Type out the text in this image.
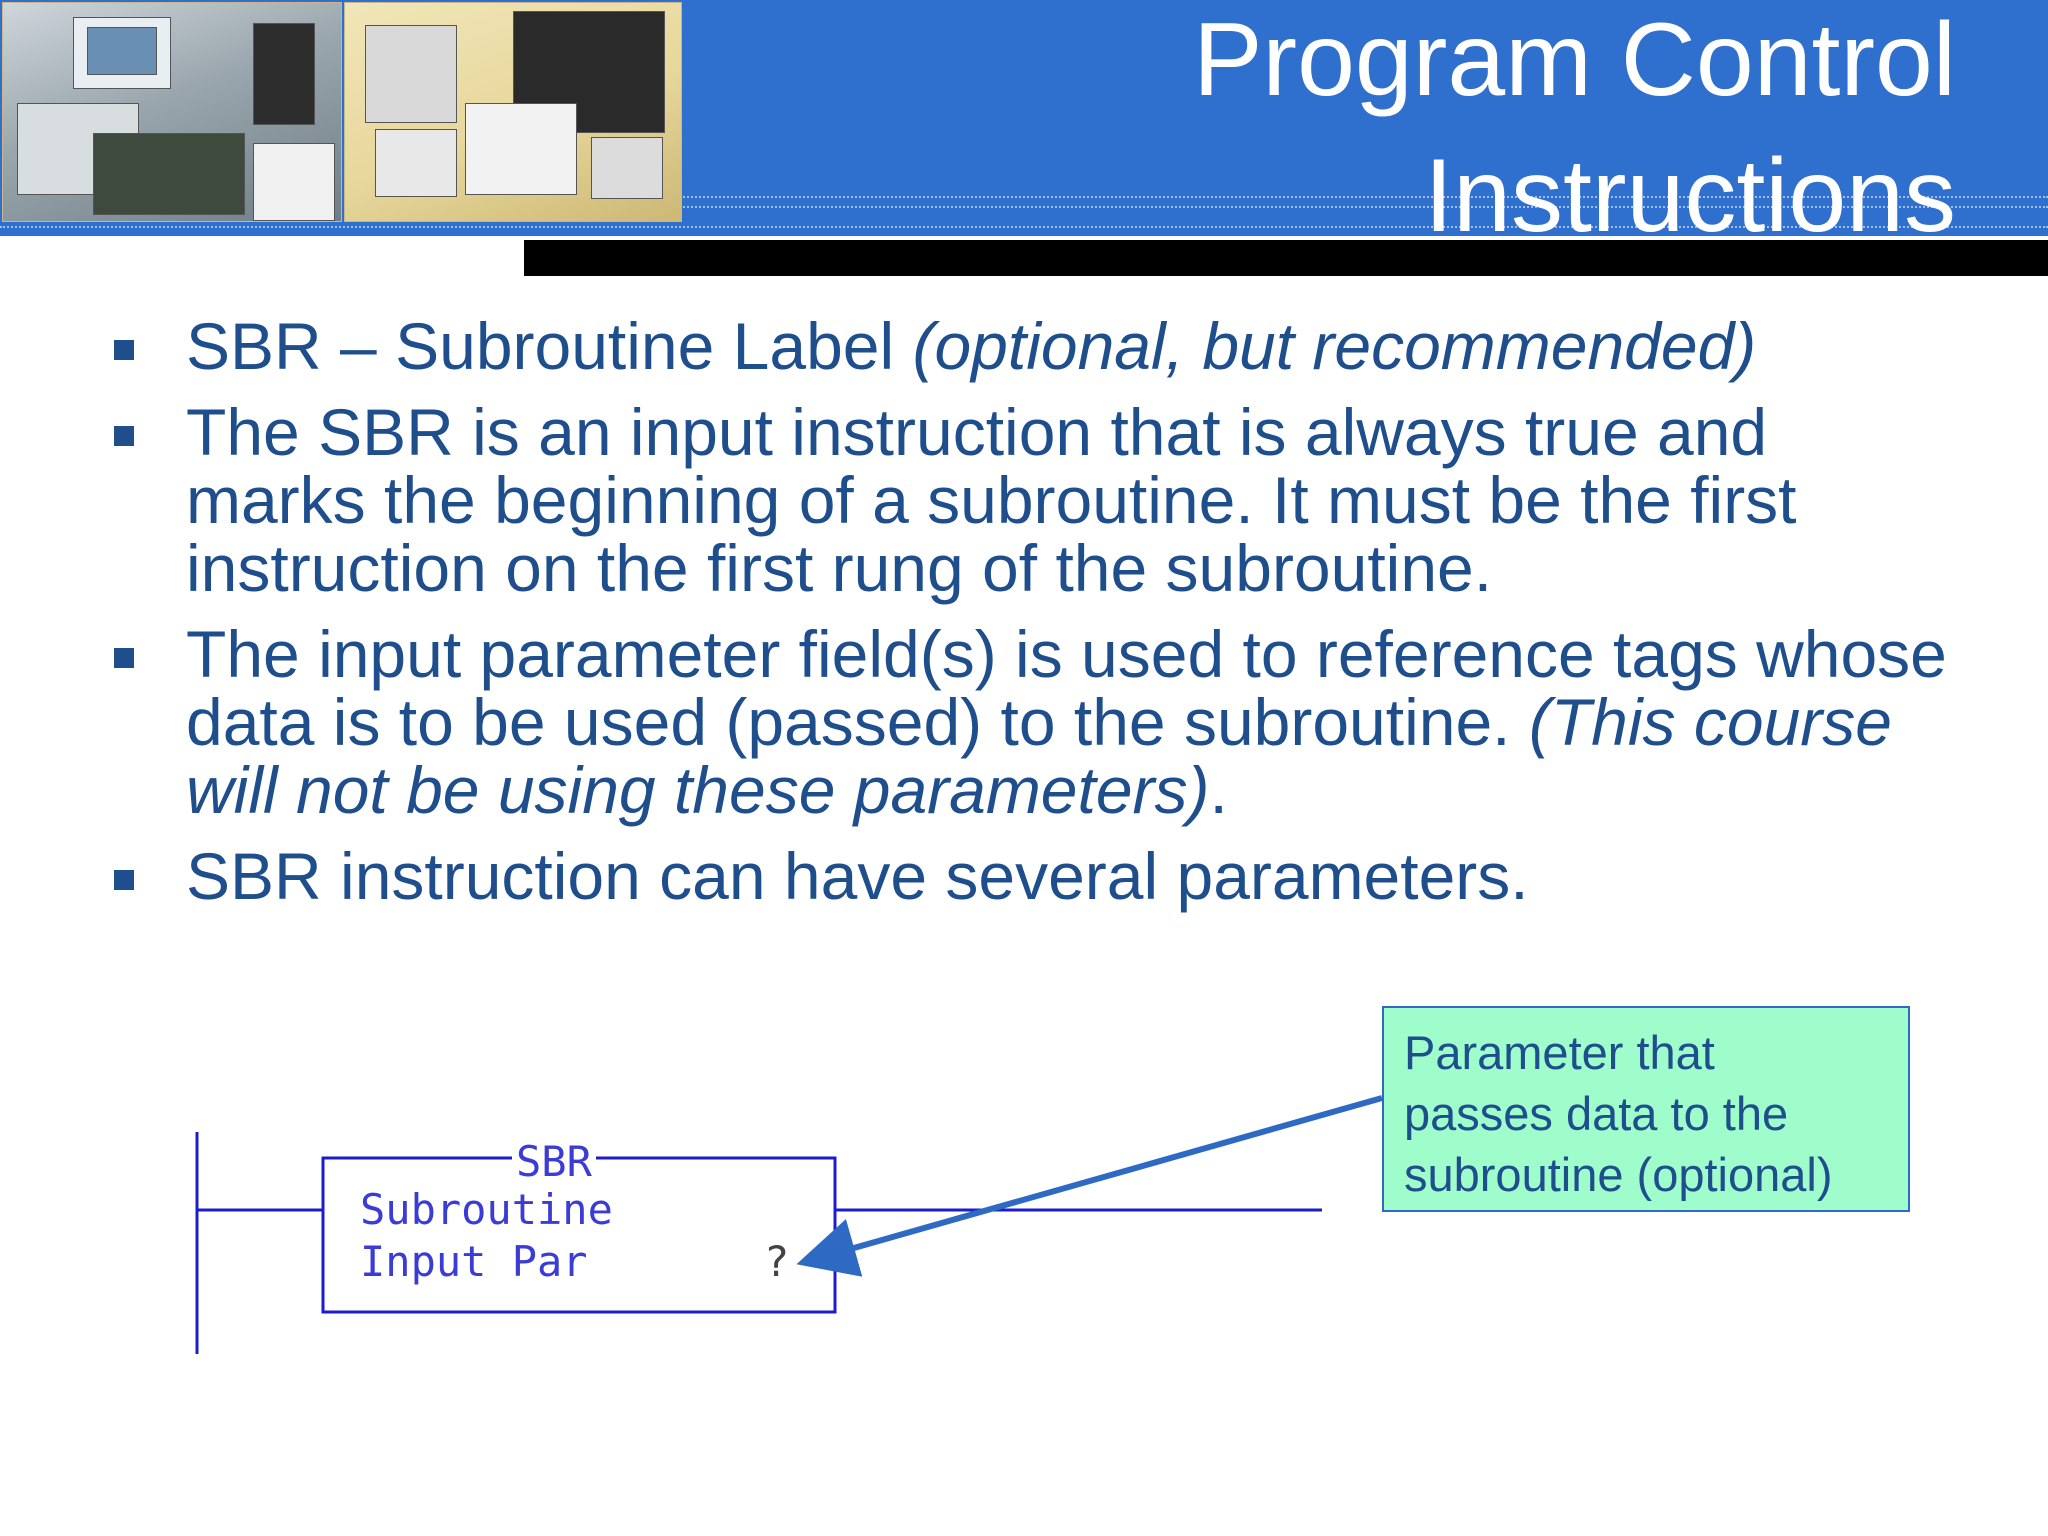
Program Control
Instructions
SBR – Subroutine Label (optional, but recommended)
The SBR is an input instruction that is always true and marks the beginning of a subroutine. It must be the first instruction on the first rung of the subroutine.
The input parameter field(s) is used to reference tags whose data is to be used (passed) to the subroutine. (This course will not be using these parameters).
SBR instruction can have several parameters.
SBR
Subroutine
Input Par	?
Parameter that
passes data to the
subroutine (optional)
